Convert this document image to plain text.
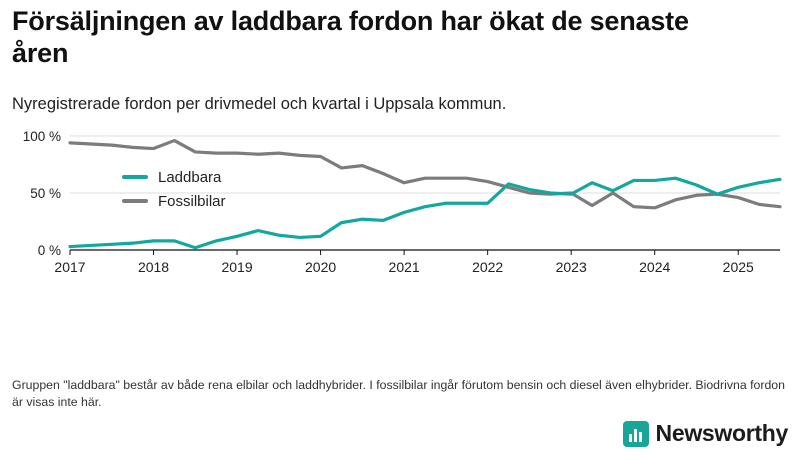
Försäljningen av laddbara fordon har ökat de senaste åren

Nyregistrerade fordon per drivmedel och kvartal i Uppsala kommun.

0 %
50 %
100 %
2017	2018	2019	2020	2021	2022	2023	2024	2025
Laddbara
Fossilbilar
Gruppen "laddbara" består av både rena elbilar och laddhybrider. I fossilbilar ingår förutom bensin och diesel även elhybrider. Biodrivna fordon är visas inte här.
Newsworthy
